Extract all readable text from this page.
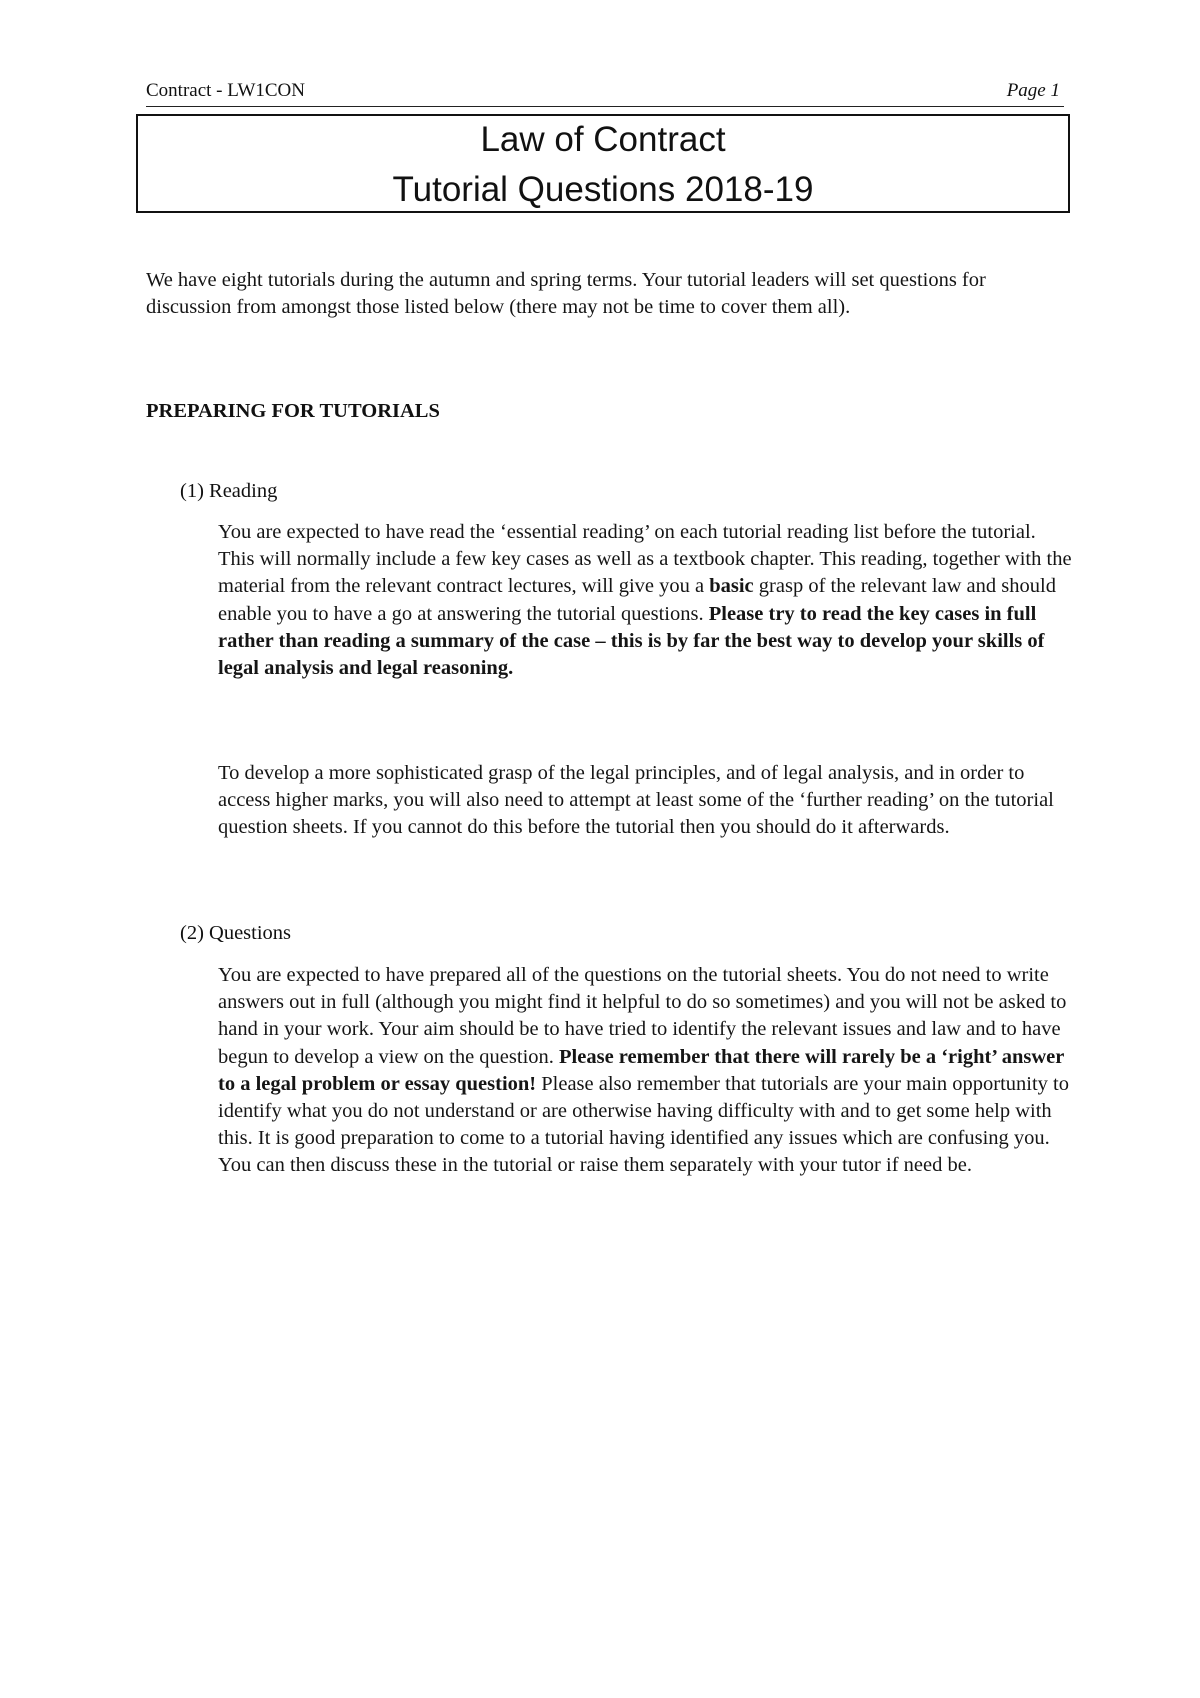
Contract - LW1CON	Page 1
Law of Contract
Tutorial Questions 2018-19

We have eight tutorials during the autumn and spring terms. Your tutorial leaders will set questions for discussion from amongst those listed below (there may not be time to cover them all).

PREPARING FOR TUTORIALS
(1) Reading

You are expected to have read the ‘essential reading’ on each tutorial reading list before the tutorial. This will normally include a few key cases as well as a textbook chapter. This reading, together with the material from the relevant contract lectures, will give you a basic grasp of the relevant law and should enable you to have a go at answering the tutorial questions. Please try to read the key cases in full rather than reading a summary of the case – this is by far the best way to develop your skills of legal analysis and legal reasoning.

To develop a more sophisticated grasp of the legal principles, and of legal analysis, and in order to access higher marks, you will also need to attempt at least some of the ‘further reading’ on the tutorial question sheets. If you cannot do this before the tutorial then you should do it afterwards.

(2) Questions

You are expected to have prepared all of the questions on the tutorial sheets. You do not need to write answers out in full (although you might find it helpful to do so sometimes) and you will not be asked to hand in your work. Your aim should be to have tried to identify the relevant issues and law and to have begun to develop a view on the question. Please remember that there will rarely be a ‘right’ answer to a legal problem or essay question! Please also remember that tutorials are your main opportunity to identify what you do not understand or are otherwise having difficulty with and to get some help with this. It is good preparation to come to a tutorial having identified any issues which are confusing you. You can then discuss these in the tutorial or raise them separately with your tutor if need be.
